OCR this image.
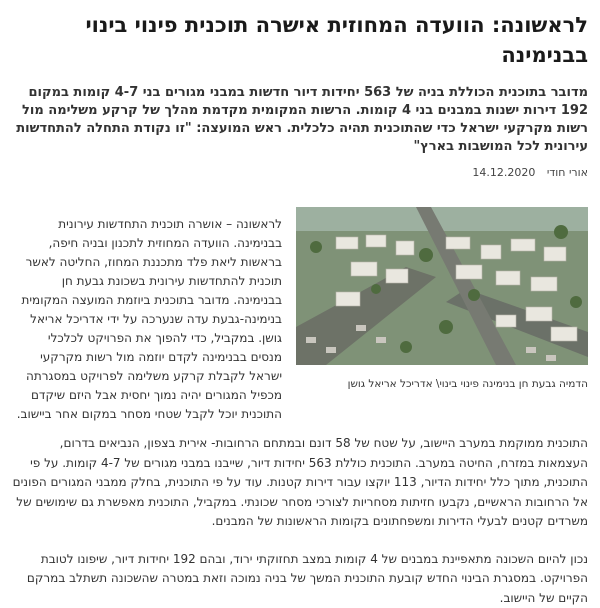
לראשונה: הוועדה המחוזית אישרה תוכנית פינוי בינוי בבנימינה

מדובר בתוכנית הכוללת בניה של 563 יחידות דיור חדשות במבני מגורים בני 4-7 קומות במקום 192 דירות ישנות במבנים בני 4 קומות. הרשות המקומית מקדמת מהלך של קרקע משלימה מול רשות מקרקעי ישראל כדי שהתוכנית תהיה כלכלית. ראש המועצה: "זו נקודת התחלה להתחדשות עירונית לכל המושבות בארץ"

אורי חודי 14.12.2020
הדמיה גבעת חן בנימינה פינוי בינוי\ אדריכל אריאל גושן
לראשונה – אושרה תוכנית התחדשות עירונית בבנימינה. הוועדה המחוזית לתכנון ובניה חיפה, בראשות ליאת פלד מתכננת המחוז, החליטה לאשר תוכנית להתחדשות עירונית בשכונת גבעת חן בבנימינה. מדובר בתוכנית ביוזמת המועצה המקומית בנימינה-גבעת עדה שנערכה על ידי אדריכל אריאל גושן. במקביל, כדי להפוך את הפרויקט לכלכלי מנסים בבנימינה לקדם יוזמה מול רשות מקרקעי ישראל לקבלת קרקע משלימה לפרויקט במסגרתה מכפיל המגורים יהיה נמוך יחסית אבל היזם שיקדם התוכנית יוכל לקבל שטחי מסחר במקום אחר ביישוב.

התוכנית ממוקמת במערב היישוב, על שטח של 58 דונם ובמתחם הרחובות- אירית בצפון, הנביאים בדרום, העצמאות במזרח, החיטה במערב. התוכנית כוללת 563 יחידות דיור, שייבנו במבני מגורים של 4-7 קומות. על פי התוכנית, מתוך כלל יחידות הדיור, 113 יוקצו עבור דירות קטנות. עוד על פי התוכנית, בחלק ממבני המגורים הפונים אל הרחובות הראשיים, נקבעו חזיתות מסחריות לצורכי מסחר שכונתי. במקביל, התוכנית מאפשרת גם שימושים של משרדים קטנים לבעלי הדירות ומשפחתונים בקומות הראשונות של המבנים.

נכון להיום השכונה מתאפיינת במבנים של 4 קומות במצב תחזוקתי ירוד, ובהם 192 יחידות דיור, שיפונו לטובת הפרויקט. במסגרת הבינוי החדש קובעת התוכנית המשך של בניה נמוכה וזאת במטרה שהשכונה תשתלב במרקם הקיים של היישוב.
